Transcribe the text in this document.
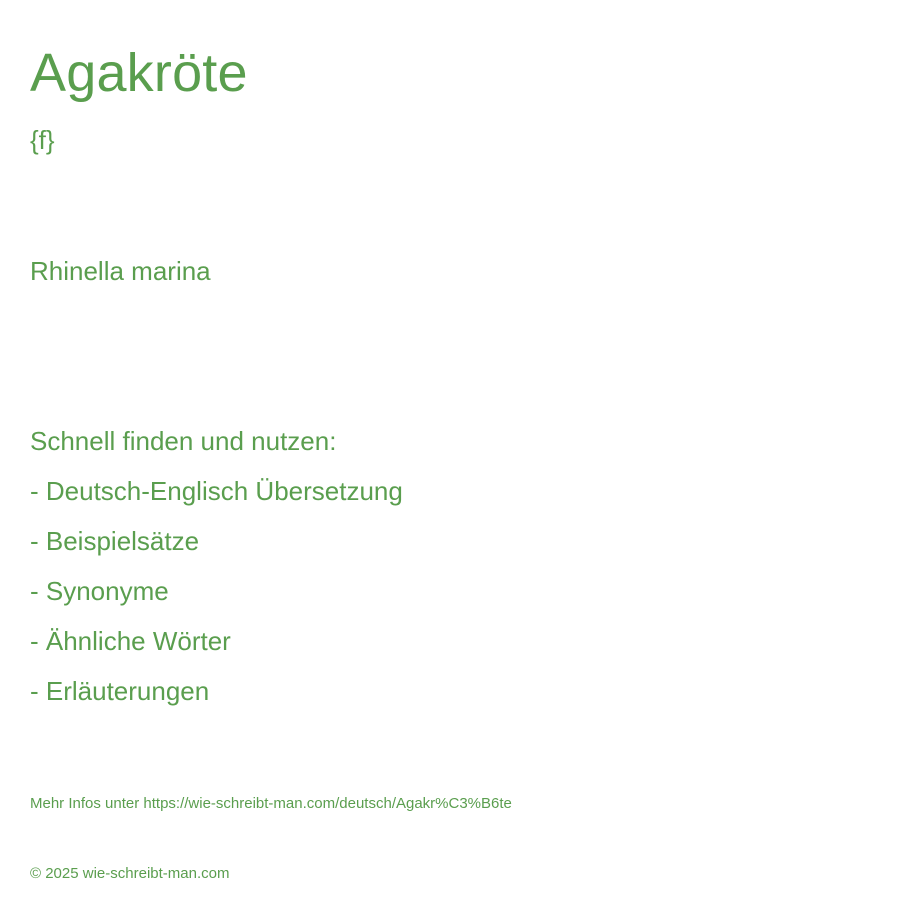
Agakröte
{f}
Rhinella marina
Schnell finden und nutzen:
- Deutsch-Englisch Übersetzung
- Beispielsätze
- Synonyme
- Ähnliche Wörter
- Erläuterungen
Mehr Infos unter https://wie-schreibt-man.com/deutsch/Agakr%C3%B6te
© 2025 wie-schreibt-man.com
